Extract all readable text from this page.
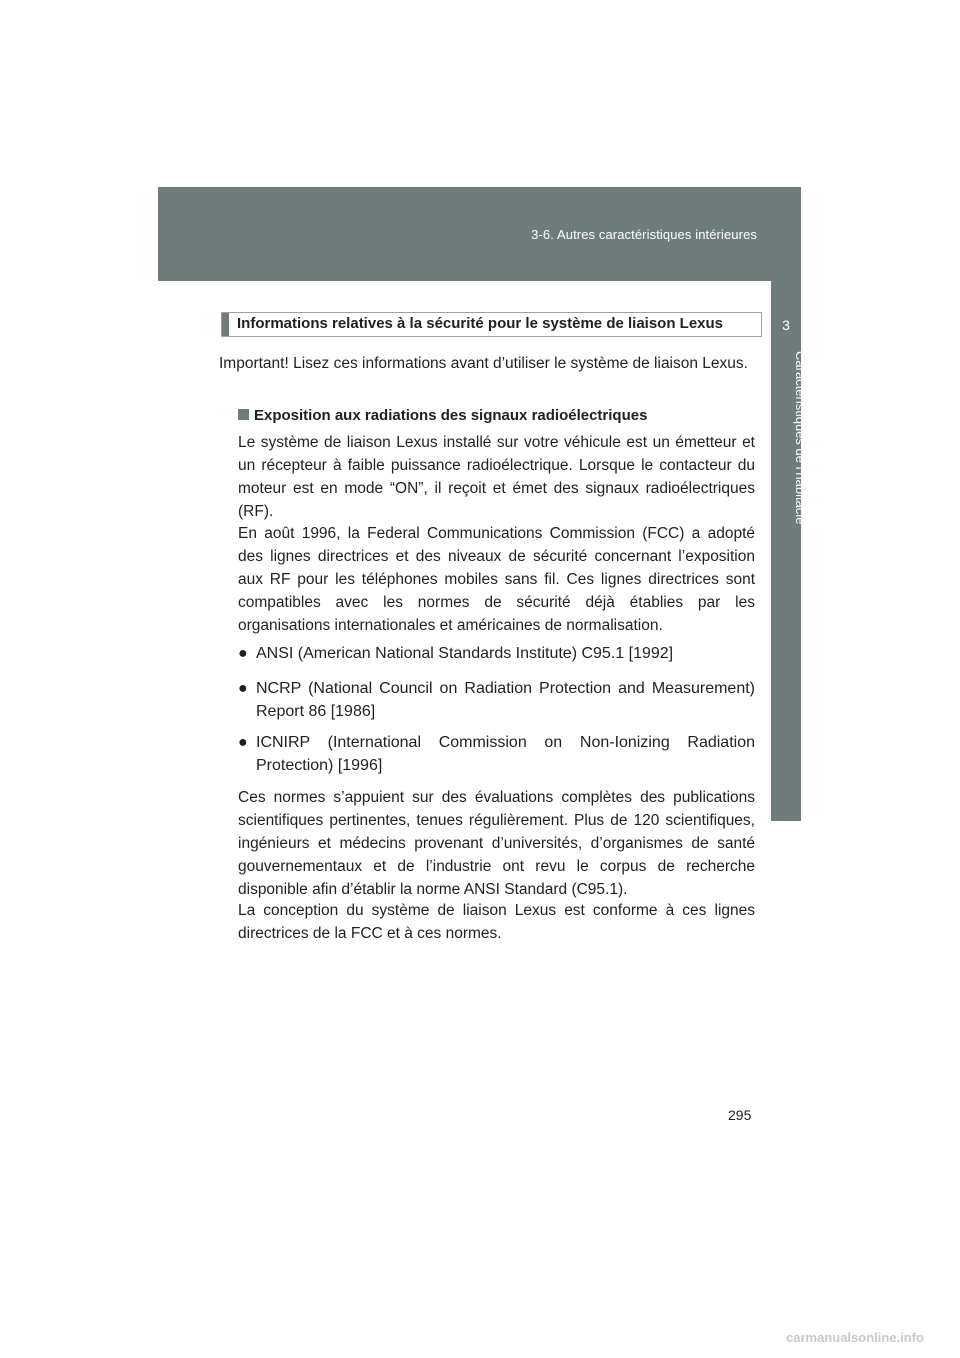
3-6. Autres caractéristiques intérieures
3
Caractéristiques de l’habitacle
Informations relatives à la sécurité pour le système de liaison Lexus
Important! Lisez ces informations avant d’utiliser le système de liaison Lexus.
Exposition aux radiations des signaux radioélectriques
Le système de liaison Lexus installé sur votre véhicule est un émetteur et un récepteur à faible puissance radioélectrique. Lorsque le contacteur du moteur est en mode “ON”, il reçoit et émet des signaux radioélectriques (RF).
En août 1996, la Federal Communications Commission (FCC) a adopté des lignes directrices et des niveaux de sécurité concernant l’exposition aux RF pour les téléphones mobiles sans fil. Ces lignes directrices sont compatibles avec les normes de sécurité déjà établies par les organisations internationales et américaines de normalisation.
● ANSI (American National Standards Institute) C95.1 [1992]
● NCRP (National Council on Radiation Protection and Measurement) Report 86 [1986]
● ICNIRP (International Commission on Non-Ionizing Radiation Protection) [1996]
Ces normes s’appuient sur des évaluations complètes des publications scientifiques pertinentes, tenues régulièrement. Plus de 120 scientifiques, ingénieurs et médecins provenant d’universités, d’organismes de santé gouvernementaux et de l’industrie ont revu le corpus de recherche disponible afin d’établir la norme ANSI Standard (C95.1).
La conception du système de liaison Lexus est conforme à ces lignes directrices de la FCC et à ces normes.
295
carmanualsonline.info
